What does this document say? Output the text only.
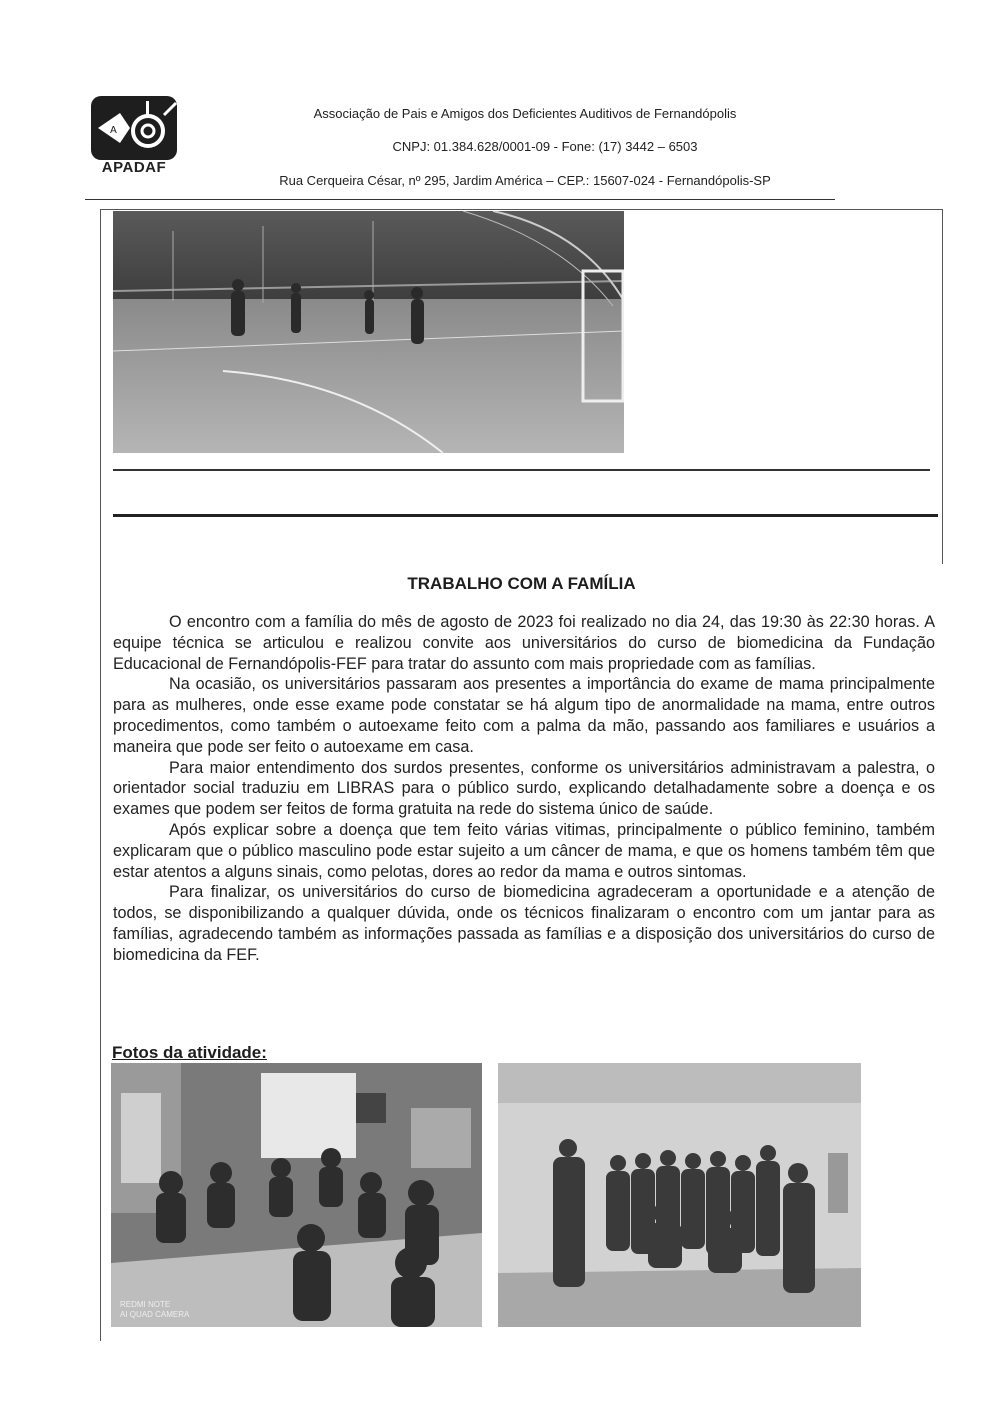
A
APADAF
Associação de Pais e Amigos dos Deficientes Auditivos de Fernandópolis
CNPJ: 01.384.628/0001-09 - Fone: (17) 3442 – 6503
Rua Cerqueira César, nº 295, Jardim América – CEP.: 15607-024 - Fernandópolis-SP
TRABALHO COM A FAMÍLIA

O encontro com a família do mês de agosto de 2023 foi realizado no dia 24, das 19:30 às 22:30 horas. A equipe técnica se articulou e realizou convite aos universitários do curso de biomedicina da Fundação Educacional de Fernandópolis-FEF para tratar do assunto com mais propriedade com as famílias.

Na ocasião, os universitários passaram aos presentes a importância do exame de mama principalmente para as mulheres, onde esse exame pode constatar se há algum tipo de anormalidade na mama, entre outros procedimentos, como também o autoexame feito com a palma da mão, passando aos familiares e usuários a maneira que pode ser feito o autoexame em casa.

Para maior entendimento dos surdos presentes, conforme os universitários administravam a palestra, o orientador social traduziu em LIBRAS para o público surdo, explicando detalhadamente sobre a doença e os exames que podem ser feitos de forma gratuita na rede do sistema único de saúde.

Após explicar sobre a doença que tem feito várias vitimas, principalmente o público feminino, também explicaram que o público masculino pode estar sujeito a um câncer de mama, e que os homens também têm que estar atentos a alguns sinais, como pelotas, dores ao redor da mama e outros sintomas.

Para finalizar, os universitários do curso de biomedicina agradeceram a oportunidade e a atenção de todos, se disponibilizando a qualquer dúvida, onde os técnicos finalizaram o encontro com um jantar para as famílias, agradecendo também as informações passada as famílias e a disposição dos universitários do curso de biomedicina da FEF.

Fotos da atividade:
REDMI NOTE
AI QUAD CAMERA
